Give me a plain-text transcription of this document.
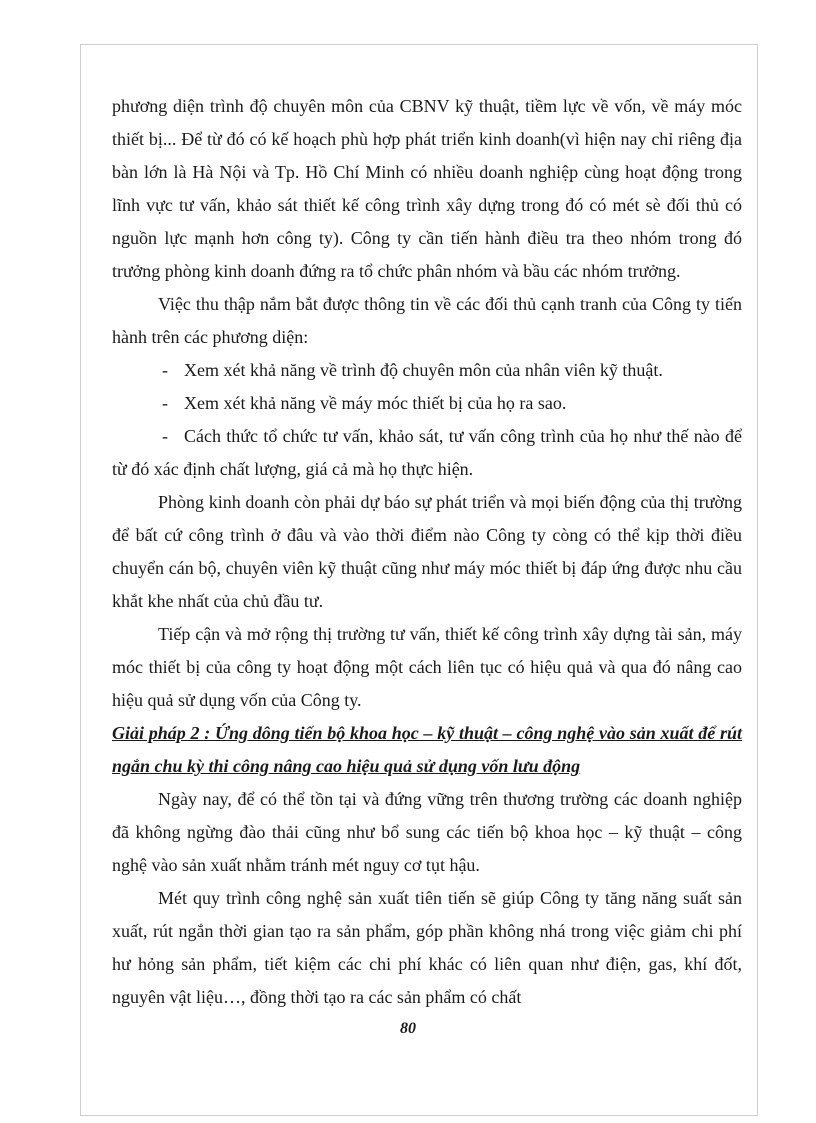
phương diện trình độ chuyên môn của CBNV kỹ thuật, tiềm lực về vốn, về máy móc thiết bị... Để từ đó có kế hoạch phù hợp phát triển kinh doanh(vì hiện nay chỉ riêng địa bàn lớn là Hà Nội và Tp. Hồ Chí Minh có nhiều doanh nghiệp cùng hoạt động trong lĩnh vực tư vấn, khảo sát thiết kế công trình xây dựng trong đó có mét sè đối thủ có nguồn lực mạnh hơn công ty). Công ty cần tiến hành điều tra theo nhóm trong đó trưởng phòng kinh doanh đứng ra tổ chức phân nhóm và bầu các nhóm trưởng.

Việc thu thập nắm bắt được thông tin về các đối thủ cạnh tranh của Công ty tiến hành trên các phương diện:

- Xem xét khả năng về trình độ chuyên môn của nhân viên kỹ thuật.
- Xem xét khả năng về máy móc thiết bị của họ ra sao.
- Cách thức tổ chức tư vấn, khảo sát, tư vấn công trình của họ như thế nào để từ đó xác định chất lượng, giá cả mà họ thực hiện.

Phòng kinh doanh còn phải dự báo sự phát triển và mọi biến động của thị trường để bất cứ công trình ở đâu và vào thời điểm nào Công ty còng có thể kịp thời điều chuyển cán bộ, chuyên viên kỹ thuật cũng như máy móc thiết bị đáp ứng được nhu cầu khắt khe nhất của chủ đầu tư.

Tiếp cận và mở rộng thị trường tư vấn, thiết kế công trình xây dựng tài sản, máy móc thiết bị của công ty hoạt động một cách liên tục có hiệu quả và qua đó nâng cao hiệu quả sử dụng vốn của Công ty.

Giải pháp 2 : Ứng dông tiến bộ khoa học – kỹ thuật – công nghệ vào sản xuất để rút ngắn chu kỳ thi công nâng cao hiệu quả sử dụng vốn lưu động

Ngày nay, để có thể tồn tại và đứng vững trên thương trường các doanh nghiệp đã không ngừng đào thải cũng như bổ sung các tiến bộ khoa học – kỹ thuật – công nghệ vào sản xuất nhằm tránh mét nguy cơ tụt hậu.

Mét quy trình công nghệ sản xuất tiên tiến sẽ giúp Công ty tăng năng suất sản xuất, rút ngắn thời gian tạo ra sản phẩm, góp phần không nhá trong việc giảm chi phí hư hỏng sản phẩm, tiết kiệm các chi phí khác có liên quan như điện, gas, khí đốt, nguyên vật liệu…, đồng thời tạo ra các sản phẩm có chất

80
